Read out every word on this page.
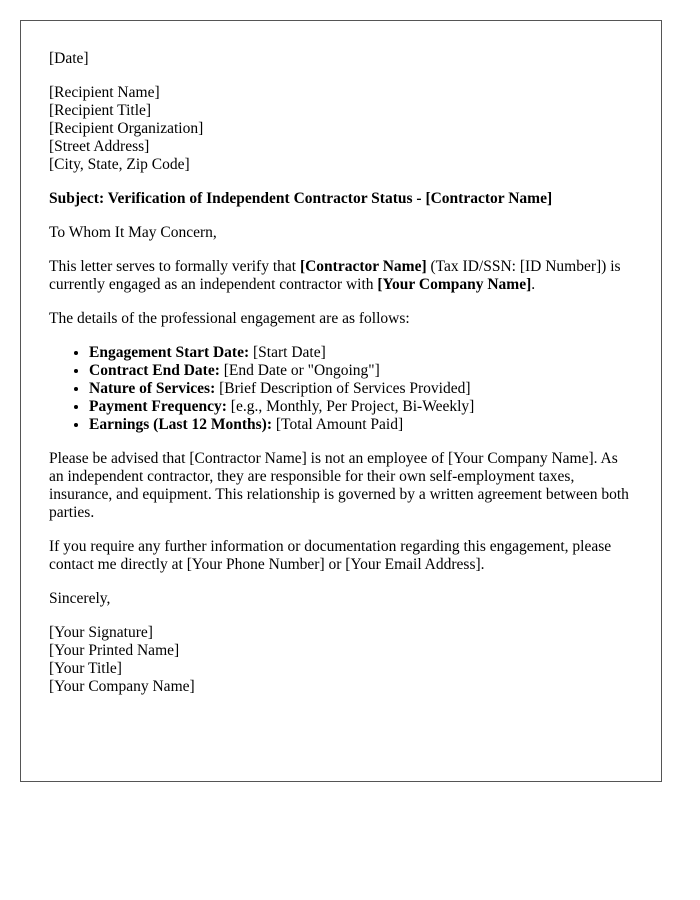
[Date]
[Recipient Name]
[Recipient Title]
[Recipient Organization]
[Street Address]
[City, State, Zip Code]

Subject: Verification of Independent Contractor Status - [Contractor Name]

To Whom It May Concern,

This letter serves to formally verify that [Contractor Name] (Tax ID/SSN: [ID Number]) is currently engaged as an independent contractor with [Your Company Name].

The details of the professional engagement are as follows:

• Engagement Start Date: [Start Date]
• Contract End Date: [End Date or "Ongoing"]
• Nature of Services: [Brief Description of Services Provided]
• Payment Frequency: [e.g., Monthly, Per Project, Bi-Weekly]
• Earnings (Last 12 Months): [Total Amount Paid]

Please be advised that [Contractor Name] is not an employee of [Your Company Name]. As an independent contractor, they are responsible for their own self-employment taxes, insurance, and equipment. This relationship is governed by a written agreement between both parties.

If you require any further information or documentation regarding this engagement, please contact me directly at [Your Phone Number] or [Your Email Address].

Sincerely,

[Your Signature]
[Your Printed Name]
[Your Title]
[Your Company Name]
